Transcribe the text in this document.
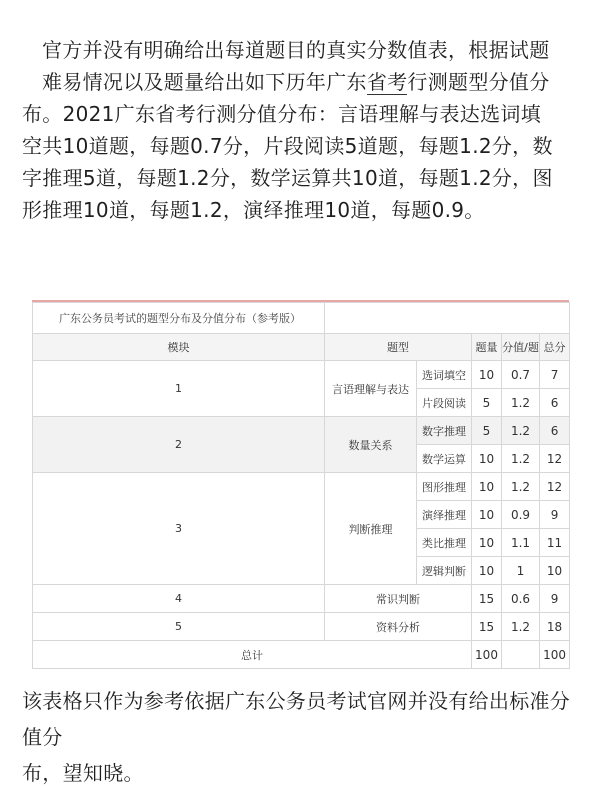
官方并没有明确给出每道题目的真实分数值表，根据试题
难易情况以及题量给出如下历年广东省考行测题型分值分
布。2021广东省考行测分值分布：言语理解与表达选词填
空共10道题，每题0.7分，片段阅读5道题，每题1.2分，数
字推理5道，每题1.2分，数学运算共10道，每题1.2分，图
形推理10道，每题1.2，演绎推理10道，每题0.9。
广东公务员考试的题型分布及分值分布（参考版）					
模块	题型		题量	分值/题	总分
1	言语理解与表达	选词填空	10	0.7	7
		片段阅读	5	1.2	6
2	数量关系	数字推理	5	1.2	6
		数学运算	10	1.2	12
3	判断推理	图形推理	10	1.2	12
		演绎推理	10	0.9	9
		类比推理	10	1.1	11
		逻辑判断	10	1	10
4	常识判断		15	0.6	9
5	资料分析		15	1.2	18
总计			100		100
该表格只作为参考依据广东公务员考试官网并没有给出标准分值分
布，望知晓。
